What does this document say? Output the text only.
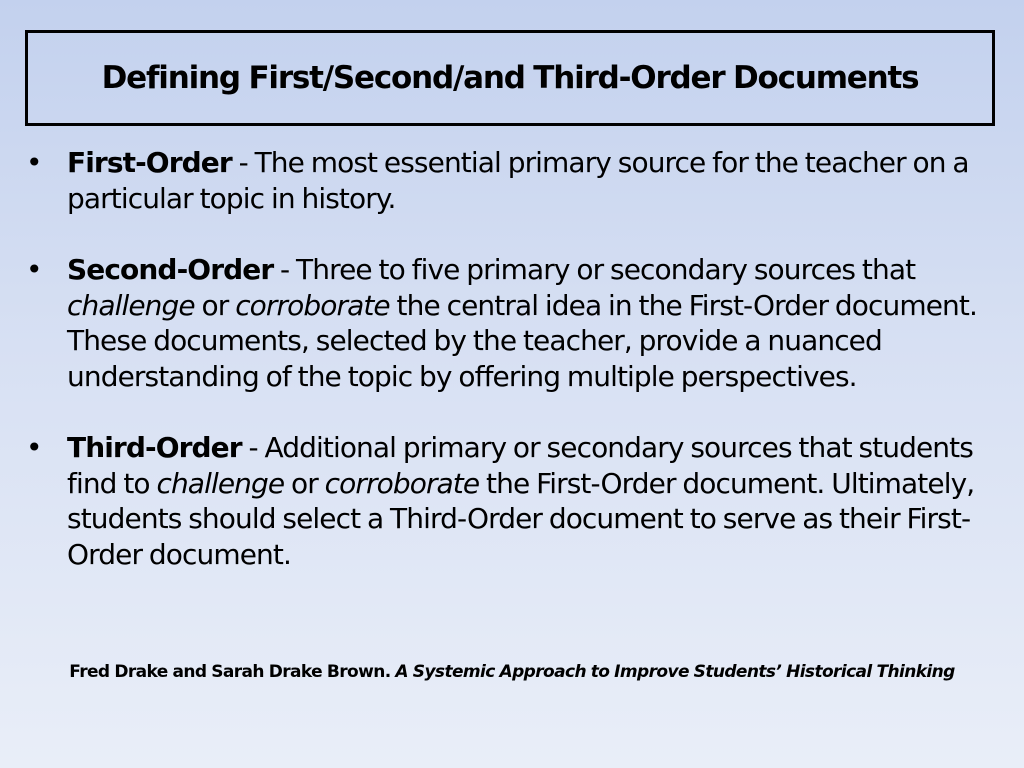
Defining First/Second/and Third-Order Documents
• First-Order - The most essential primary source for the teacher on a particular topic in history.
• Second-Order - Three to five primary or secondary sources that challenge or corroborate the central idea in the First-Order document. These documents, selected by the teacher, provide a nuanced understanding of the topic by offering multiple perspectives.
• Third-Order - Additional primary or secondary sources that students find to challenge or corroborate the First-Order document. Ultimately, students should select a Third-Order document to serve as their First-Order document.
Fred Drake and Sarah Drake Brown. A Systemic Approach to Improve Students’ Historical Thinking
